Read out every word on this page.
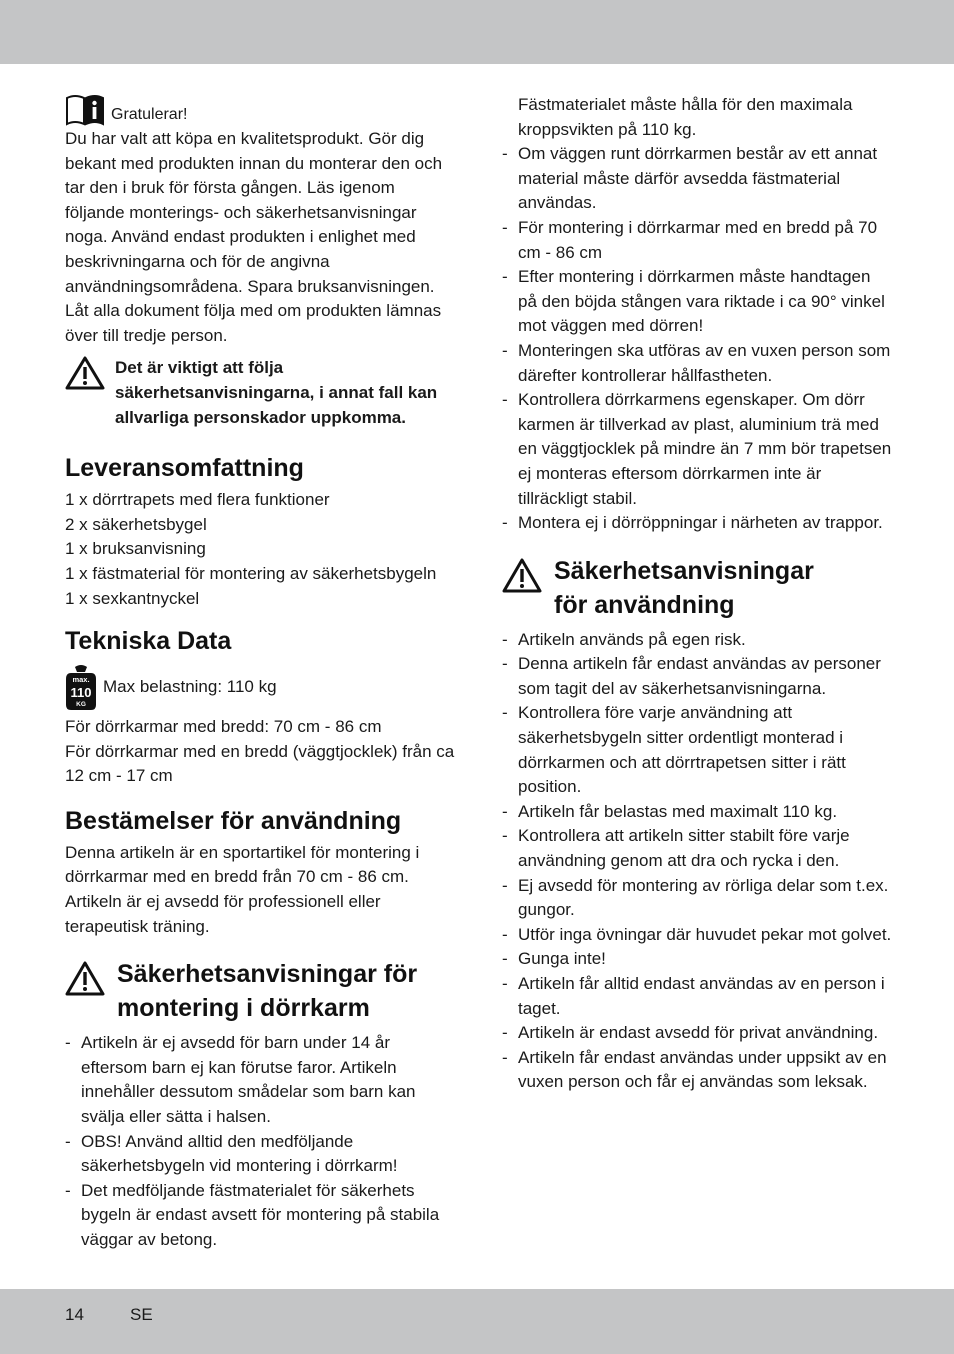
Gratulerar!

Du har valt att köpa en kvalitetsprodukt. Gör dig bekant med produkten innan du monterar den och tar den i bruk för första gången. Läs igenom följande monterings- och säkerhetsanvisningar noga. Använd endast produkten i enlighet med beskrivningarna och för de angivna användningsområdena. Spara bruksanvisningen.

Låt alla dokument följa med om produkten lämnas över till tredje person.

Det är viktigt att följa säkerhetsanvisningarna, i annat fall kan allvarliga personskador uppkomma.

Leveransomfattning
1 x dörrtrapets med flera funktioner
2 x säkerhetsbygel
1 x bruksanvisning
1 x fästmaterial för montering av säkerhetsbygeln
1 x sexkantnyckel
Tekniska Data
max.
110
KG
Max belastning: 110 kg

För dörrkarmar med bredd: 70 cm - 86 cm

För dörrkarmar med en bredd (väggtjocklek) från ca 12 cm - 17 cm

Bestämelser för användning

Denna artikeln är en sportartikel för montering i dörrkarmar med en bredd från 70 cm - 86 cm. Artikeln är ej avsedd för professionell eller terapeutisk träning.

Säkerhetsanvisningar för montering i dörrkarm
- Artikeln är ej avsedd för barn under 14 år eftersom barn ej kan förutse faror. Artikeln innehåller dessutom smådelar som barn kan svälja eller sätta i halsen.
- OBS! Använd alltid den medföljande säkerhetsbygeln vid montering i dörrkarm!
- Det medföljande fästmaterialet för säkerhets bygeln är endast avsett för montering på stabila väggar av betong.

Fästmaterialet måste hålla för den maximala kroppsvikten på 110 kg.

- Om väggen runt dörrkarmen består av ett annat material måste därför avsedda fästmaterial användas.
- För montering i dörrkarmar med en bredd på 70 cm - 86 cm
- Efter montering i dörrkarmen måste handtagen på den böjda stången vara riktade i ca 90° vinkel mot väggen med dörren!
- Monteringen ska utföras av en vuxen person som därefter kontrollerar hållfastheten.
- Kontrollera dörrkarmens egenskaper. Om dörr karmen är tillverkad av plast, aluminium trä med en väggtjocklek på mindre än 7 mm bör trapetsen ej monteras eftersom dörrkarmen inte är tillräckligt stabil.
- Montera ej i dörröppningar i närheten av trappor.
Säkerhetsanvisningar för användning
- Artikeln används på egen risk.
- Denna artikeln får endast användas av personer som tagit del av säkerhetsanvisningarna.
- Kontrollera före varje användning att säkerhetsbygeln sitter ordentligt monterad i dörrkarmen och att dörrtrapetsen sitter i rätt position.
- Artikeln får belastas med maximalt 110 kg.
- Kontrollera att artikeln sitter stabilt före varje användning genom att dra och rycka i den.
- Ej avsedd för montering av rörliga delar som t.ex. gungor.
- Utför inga övningar där huvudet pekar mot golvet.
- Gunga inte!
- Artikeln får alltid endast användas av en person i taget.
- Artikeln är endast avsedd för privat användning.
- Artikeln får endast användas under uppsikt av en vuxen person och får ej användas som leksak.
14	SE
